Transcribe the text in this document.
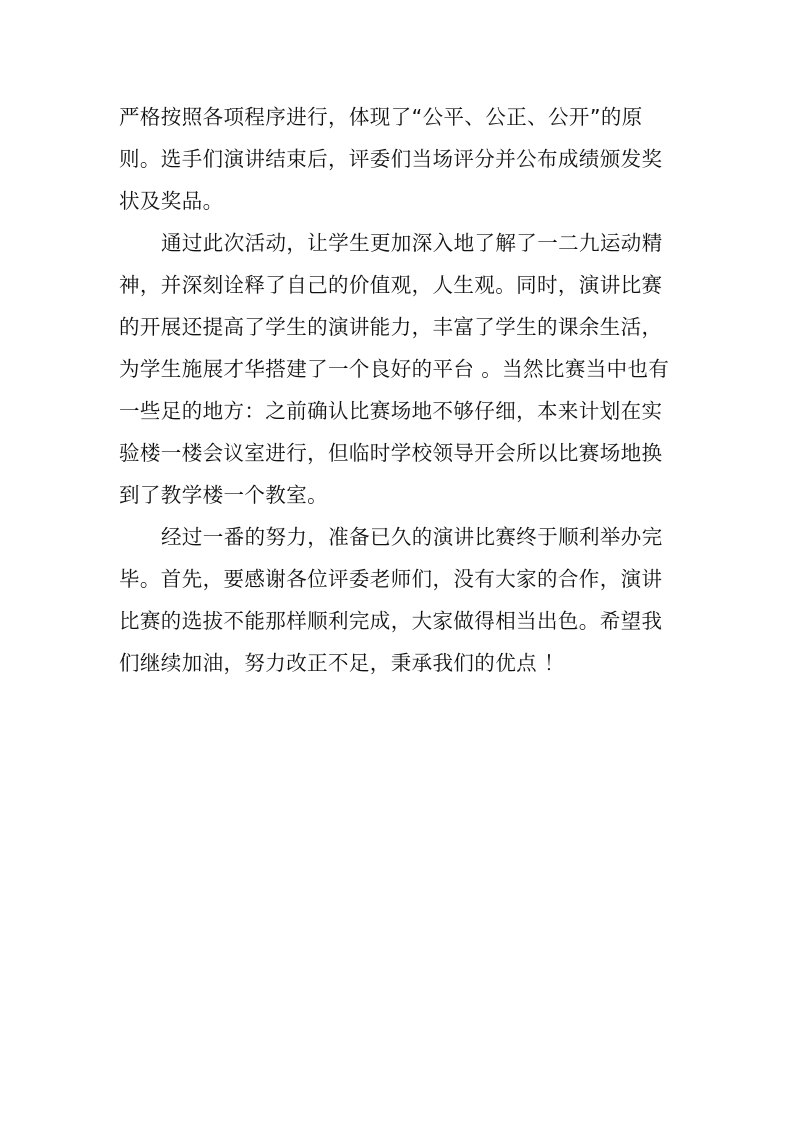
严格按照各项程序进行，体现了“公平、公正、公开”的原
则。选手们演讲结束后，评委们当场评分并公布成绩颁发奖
状及奖品。
通过此次活动，让学生更加深入地了解了一二九运动精
神，并深刻诠释了自己的价值观，人生观。同时，演讲比赛
的开展还提高了学生的演讲能力，丰富了学生的课余生活，
为学生施展才华搭建了一个良好的平台 。当然比赛当中也有
一些足的地方：之前确认比赛场地不够仔细，本来计划在实
验楼一楼会议室进行，但临时学校领导开会所以比赛场地换
到了教学楼一个教室。
经过一番的努力，准备已久的演讲比赛终于顺利举办完
毕。首先，要感谢各位评委老师们，没有大家的合作，演讲
比赛的选拔不能那样顺利完成，大家做得相当出色。希望我
们继续加油，努力改正不足，秉承我们的优点 ！
